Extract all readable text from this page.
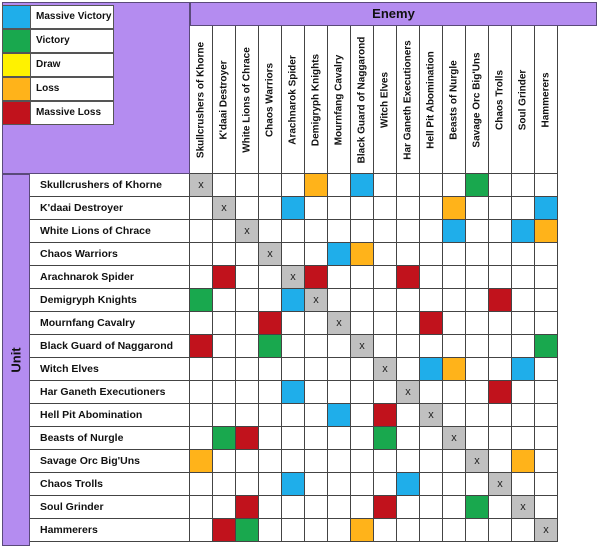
Massive Victory
Victory
Draw
Loss
Massive Loss
Enemy
Unit
Skullcrushers of Khorne K'daai Destroyer White Lions of Chrace Chaos Warriors Arachnarok Spider Demigryph Knights Mournfang Cavalry Black Guard of Naggarond Witch Elves Har Ganeth Executioners Hell Pit Abomination Beasts of Nurgle Savage Orc Big'Uns Chaos Trolls Soul Grinder Hammerers
Skullcrushers of Khorne
K'daai Destroyer
White Lions of Chrace
Chaos Warriors
Arachnarok Spider
Demigryph Knights
Mournfang Cavalry
Black Guard of Naggarond
Witch Elves
Har Ganeth Executioners
Hell Pit Abomination
Beasts of Nurgle
Savage Orc Big'Uns
Chaos Trolls
Soul Grinder
Hammerers
x
x
x
x
x
x
x
x
x
x
x
x
x
x
x
x
